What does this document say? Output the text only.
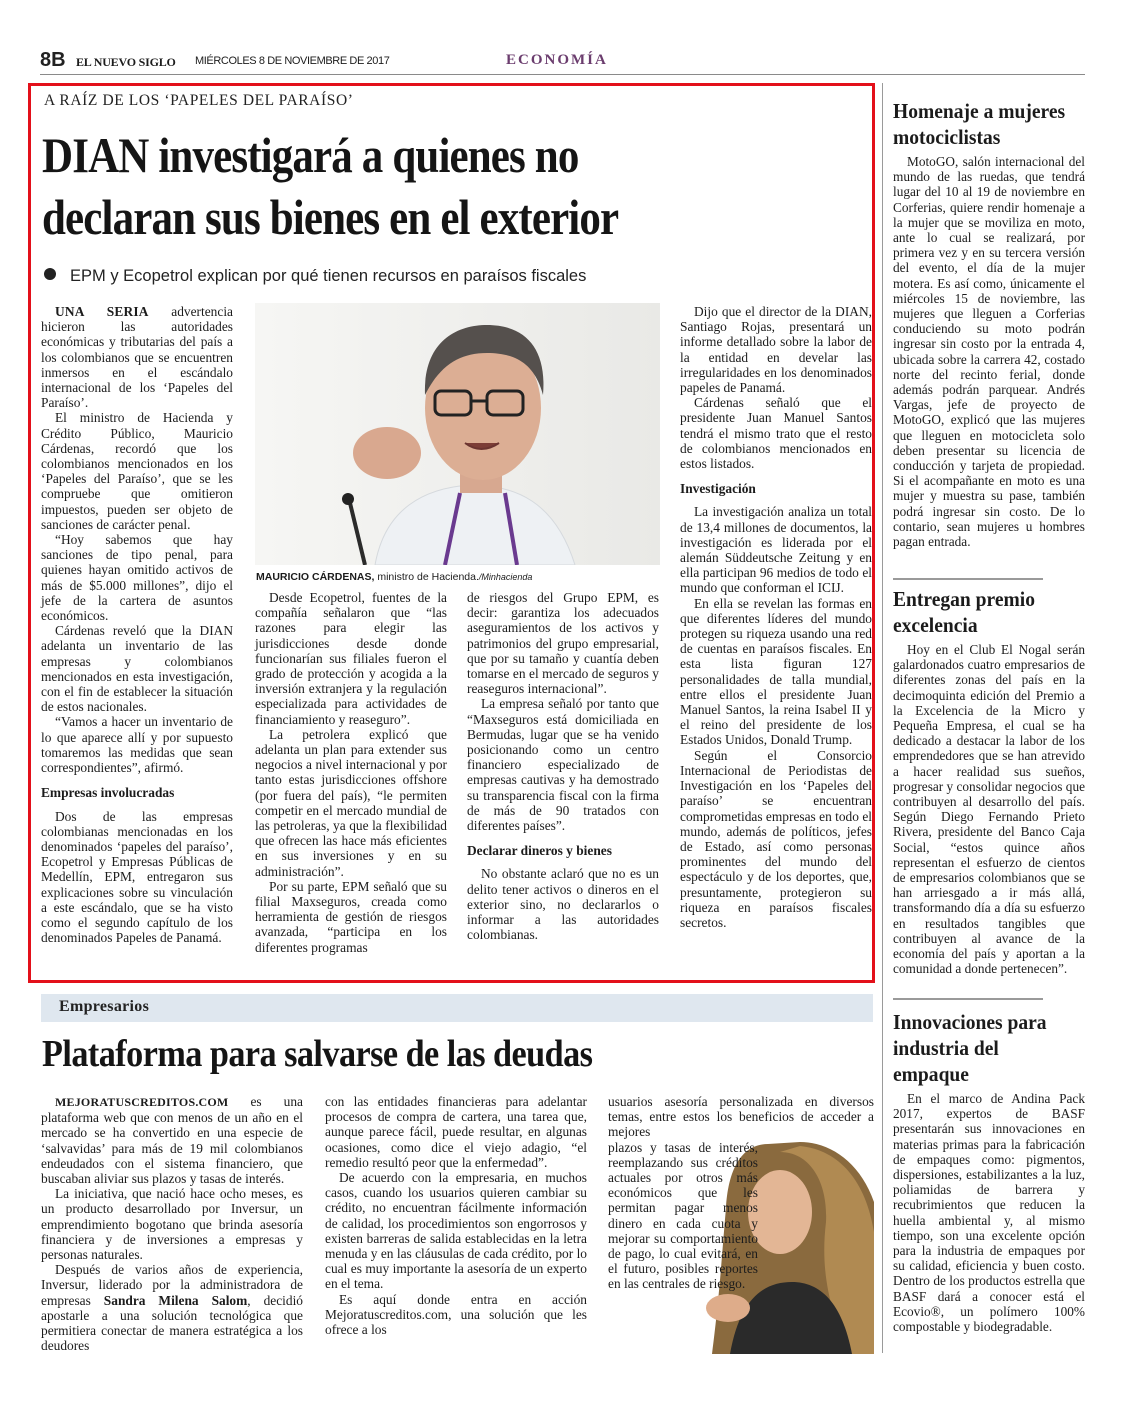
8B EL NUEVO SIGLO MIÉRCOLES 8 DE NOVIEMBRE DE 2017	ECONOMÍA
A RAÍZ DE LOS ‘PAPELES DEL PARAÍSO’
DIAN investigará a quienes no
declaran sus bienes en el exterior
EPM y Ecopetrol explican por qué tienen recursos en paraísos fiscales
MAURICIO CÁRDENAS, ministro de Hacienda./Minhacienda

UNA SERIA advertencia hicieron las autoridades económicas y tributarias del país a los colombianos que se encuentren inmersos en el escándalo internacional de los ‘Papeles del Paraíso’.

El ministro de Hacienda y Crédito Público, Mauricio Cárdenas, recordó que los colombianos mencionados en los ‘Papeles del Paraíso’, que se les compruebe que omitieron impuestos, pueden ser objeto de sanciones de carácter penal.

“Hoy sabemos que hay sanciones de tipo penal, para quienes hayan omitido activos de más de $5.000 millones”, dijo el jefe de la cartera de asuntos económicos.

Cárdenas reveló que la DIAN adelanta un inventario de las empresas y colombianos mencionados en esta investigación, con el fin de establecer la situación de estos nacionales.

“Vamos a hacer un inventario de lo que aparece allí y por supuesto tomaremos las medidas que sean correspondientes”, afirmó.

Empresas involucradas

Dos de las empresas colombianas mencionadas en los denominados ‘papeles del paraíso’, Ecopetrol y Empresas Públicas de Medellín, EPM, entregaron sus explicaciones sobre su vinculación a este escándalo, que se ha visto como el segundo capítulo de los denominados Papeles de Panamá.

Desde Ecopetrol, fuentes de la compañía señalaron que “las razones para elegir las jurisdicciones desde donde funcionarían sus filiales fueron el grado de protección y acogida a la inversión extranjera y la regulación especializada para actividades de financiamiento y reaseguro”.

La petrolera explicó que adelanta un plan para extender sus negocios a nivel internacional y por tanto estas jurisdicciones offshore (por fuera del país), “le permiten competir en el mercado mundial de las petroleras, ya que la flexibilidad que ofrecen las hace más eficientes en sus inversiones y en su administración”.

Por su parte, EPM señaló que su filial Maxseguros, creada como herramienta de gestión de riesgos avanzada, “participa en los diferentes programas

de riesgos del Grupo EPM, es decir: garantiza los adecuados aseguramientos de los activos y patrimonios del grupo empresarial, que por su tamaño y cuantía deben tomarse en el mercado de seguros y reaseguros internacional”.

La empresa señaló por tanto que “Maxseguros está domiciliada en Bermudas, lugar que se ha venido posicionando como un centro financiero especializado de empresas cautivas y ha demostrado su transparencia fiscal con la firma de más de 90 tratados con diferentes países”.

Declarar dineros y bienes

No obstante aclaró que no es un delito tener activos o dineros en el exterior sino, no declararlos o informar a las autoridades colombianas.

Dijo que el director de la DIAN, Santiago Rojas, presentará un informe detallado sobre la labor de la entidad en develar las irregularidades en los denominados papeles de Panamá.

Cárdenas señaló que el presidente Juan Manuel Santos tendrá el mismo trato que el resto de colombianos mencionados en estos listados.

Investigación

La investigación analiza un total de 13,4 millones de documentos, la investigación es liderada por el alemán Süddeutsche Zeitung y en ella participan 96 medios de todo el mundo que conforman el ICIJ.

En ella se revelan las formas en que diferentes líderes del mundo protegen su riqueza usando una red de cuentas en paraísos fiscales. En esta lista figuran 127 personalidades de talla mundial, entre ellos el presidente Juan Manuel Santos, la reina Isabel II y el reino del presidente de los Estados Unidos, Donald Trump.

Según el Consorcio Internacional de Periodistas de Investigación en los ‘Papeles del paraíso’ se encuentran comprometidas empresas en todo el mundo, además de políticos, jefes de Estado, así como personas prominentes del mundo del espectáculo y de los deportes, que, presuntamente, protegieron su riqueza en paraísos fiscales secretos.

Homenaje a mujeres motociclistas

MotoGO, salón internacional del mundo de las ruedas, que tendrá lugar del 10 al 19 de noviembre en Corferias, quiere rendir homenaje a la mujer que se moviliza en moto, ante lo cual se realizará, por primera vez y en su tercera versión del evento, el día de la mujer motera. Es así como, únicamente el miércoles 15 de noviembre, las mujeres que lleguen a Corferias conduciendo su moto podrán ingresar sin costo por la entrada 4, ubicada sobre la carrera 42, costado norte del recinto ferial, donde además podrán parquear. Andrés Vargas, jefe de proyecto de MotoGO, explicó que las mujeres que lleguen en motocicleta solo deben presentar su licencia de conducción y tarjeta de propiedad. Si el acompañante en moto es una mujer y muestra su pase, también podrá ingresar sin costo. De lo contario, sean mujeres u hombres pagan entrada.

Entregan premio excelencia

Hoy en el Club El Nogal serán galardonados cuatro empresarios de diferentes zonas del país en la decimoquinta edición del Premio a la Excelencia de la Micro y Pequeña Empresa, el cual se ha dedicado a destacar la labor de los emprendedores que se han atrevido a hacer realidad sus sueños, progresar y consolidar negocios que contribuyen al desarrollo del país. Según Diego Fernando Prieto Rivera, presidente del Banco Caja Social, “estos quince años representan el esfuerzo de cientos de empresarios colombianos que se han arriesgado a ir más allá, transformando día a día su esfuerzo en resultados tangibles que contribuyen al avance de la economía del país y aportan a la comunidad a donde pertenecen”.

Innovaciones para industria del empaque

En el marco de Andina Pack 2017, expertos de BASF presentarán sus innovaciones en materias primas para la fabricación de empaques como: pigmentos, dispersiones, estabilizantes a la luz, poliamidas de barrera y recubrimientos que reducen la huella ambiental y, al mismo tiempo, son una excelente opción para la industria de empaques por su calidad, eficiencia y buen costo. Dentro de los productos estrella que BASF dará a conocer está el Ecovio®, un polímero 100% compostable y biodegradable.

Empresarios
Plataforma para salvarse de las deudas

MEJORATUSCREDITOS.COM es una plataforma web que con menos de un año en el mercado se ha convertido en una especie de ‘salvavidas’ para más de 19 mil colombianos endeudados con el sistema financiero, que buscaban aliviar sus plazos y tasas de interés.

La iniciativa, que nació hace ocho meses, es un producto desarrollado por Inversur, un emprendimiento bogotano que brinda asesoría financiera y de inversiones a empresas y personas naturales.

Después de varios años de experiencia, Inversur, liderado por la administradora de empresas Sandra Milena Salom, decidió apostarle a una solución tecnológica que permitiera conectar de manera estratégica a los deudores

con las entidades financieras para adelantar procesos de compra de cartera, una tarea que, aunque parece fácil, puede resultar, en algunas ocasiones, como dice el viejo adagio, “el remedio resultó peor que la enfermedad”.

De acuerdo con la empresaria, en muchos casos, cuando los usuarios quieren cambiar su crédito, no encuentran fácilmente información de calidad, los procedimientos son engorrosos y existen barreras de salida establecidas en la letra menuda y en las cláusulas de cada crédito, por lo cual es muy importante la asesoría de un experto en el tema.

Es aquí donde entra en acción Mejoratuscreditos.com, una solución que les ofrece a los

usuarios asesoría personalizada en diversos temas, entre estos los beneficios de acceder a mejores
plazos y tasas de interés, reemplazando sus créditos actuales por otros más económicos que les permitan pagar menos dinero en cada cuota y mejorar su comportamiento de pago, lo cual evitará, en el futuro, posibles reportes en las centrales de riesgo.
